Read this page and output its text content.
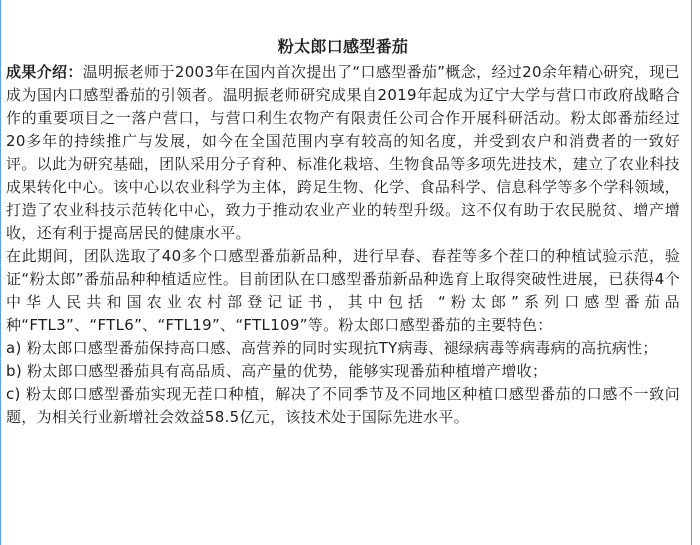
粉太郎口感型番茄

成果介绍：温明振老师于2003年在国内首次提出了“口感型番茄”概念，经过20余年精心研究，现已成为国内口感型番茄的引领者。温明振老师研究成果自2019年起成为辽宁大学与营口市政府战略合作的重要项目之一落户营口，与营口利生农物产有限责任公司合作开展科研活动。粉太郎番茄经过20多年的持续推广与发展，如今在全国范围内享有较高的知名度，并受到农户和消费者的一致好评。以此为研究基础，团队采用分子育种、标准化栽培、生物食品等多项先进技术，建立了农业科技成果转化中心。该中心以农业科学为主体，跨足生物、化学、食品科学、信息科学等多个学科领域，打造了农业科技示范转化中心，致力于推动农业产业的转型升级。这不仅有助于农民脱贫、增产增收，还有利于提高居民的健康水平。

在此期间，团队选取了40多个口感型番茄新品种，进行早春、春茬等多个茬口的种植试验示范，验证“粉太郎”番茄品种种植适应性。目前团队在口感型番茄新品种选育上取得突破性进展，已获得4个中华人民共和国农业农村部登记证书，其中包括 “粉太郎”系列口感型番茄品种“FTL3”、“FTL6”、“FTL19”、“FTL109”等。粉太郎口感型番茄的主要特色：

a) 粉太郎口感型番茄保持高口感、高营养的同时实现抗TY病毒、褪绿病毒等病毒病的高抗病性；

b) 粉太郎口感型番茄具有高品质、高产量的优势，能够实现番茄种植增产增收；

c) 粉太郎口感型番茄实现无茬口种植，解决了不同季节及不同地区种植口感型番茄的口感不一致问题，为相关行业新增社会效益58.5亿元，该技术处于国际先进水平。
